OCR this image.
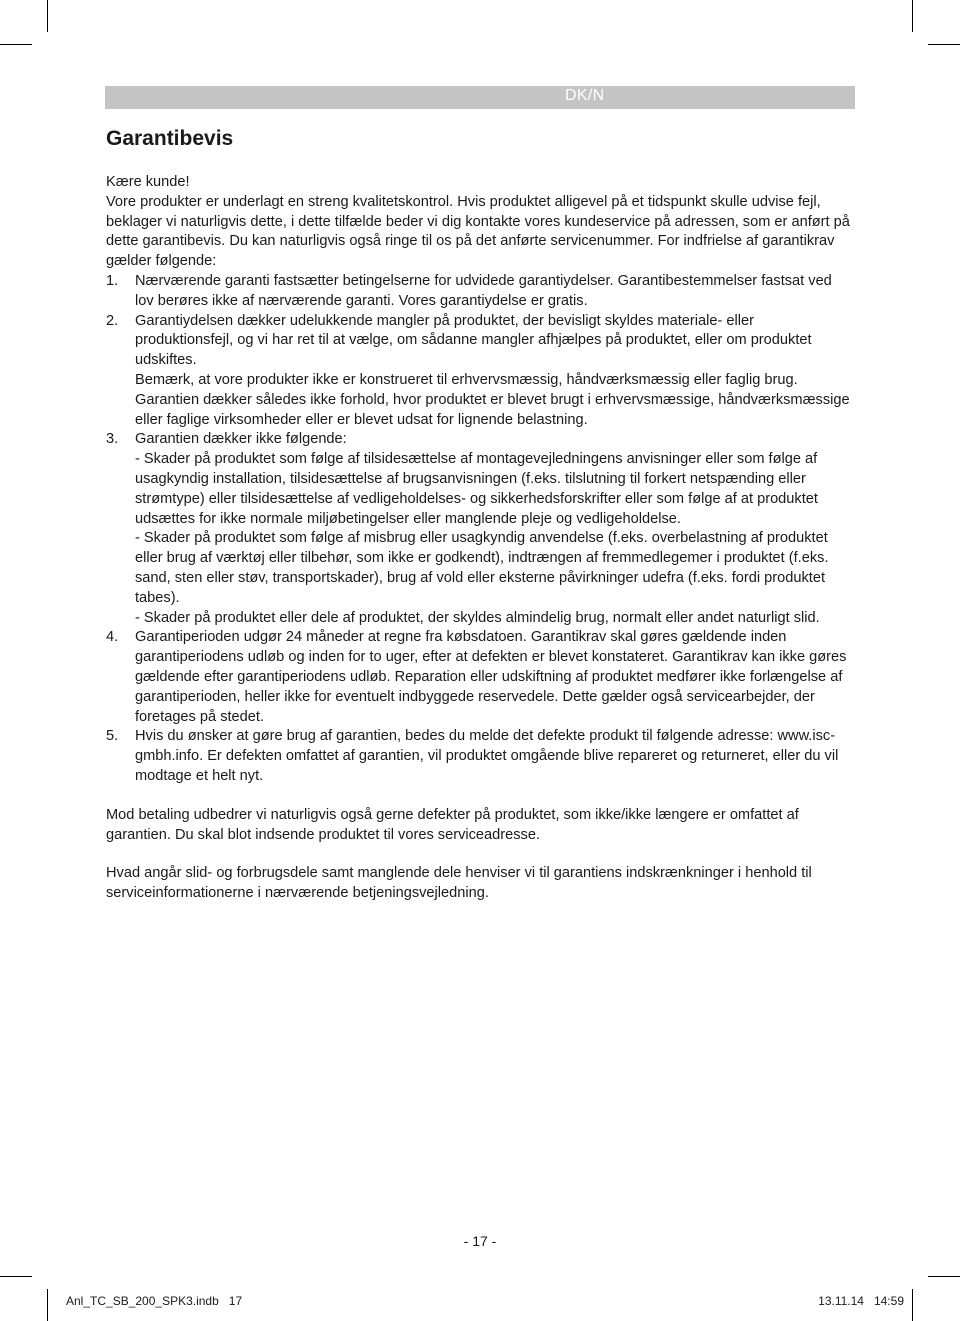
DK/N
Garantibevis

Kære kunde!

Vore produkter er underlagt en streng kvalitetskontrol. Hvis produktet alligevel på et tidspunkt skulle udvise fejl, beklager vi naturligvis dette, i dette tilfælde beder vi dig kontakte vores kundeservice på adressen, som er anført på dette garantibevis. Du kan naturligvis også ringe til os på det anførte servicenummer. For indfrielse af garantikrav gælder følgende:

1. Nærværende garanti fastsætter betingelserne for udvidede garantiydelser. Garantibestemmelser fastsat ved lov berøres ikke af nærværende garanti. Vores garantiydelse er gratis.

2. Garantiydelsen dækker udelukkende mangler på produktet, der bevisligt skyldes materiale- eller produktionsfejl, og vi har ret til at vælge, om sådanne mangler afhjælpes på produktet, eller om produktet udskiftes.

Bemærk, at vore produkter ikke er konstrueret til erhvervsmæssig, håndværksmæssig eller faglig brug. Garantien dækker således ikke forhold, hvor produktet er blevet brugt i erhvervsmæssige, håndværksmæssige eller faglige virksomheder eller er blevet udsat for lignende belastning.

3. Garantien dækker ikke følgende:

- Skader på produktet som følge af tilsidesættelse af montagevejledningens anvisninger eller som følge af usagkyndig installation, tilsidesættelse af brugsanvisningen (f.eks. tilslutning til forkert netspænding eller strømtype) eller tilsidesættelse af vedligeholdelses- og sikkerhedsforskrifter eller som følge af at produktet udsættes for ikke normale miljøbetingelser eller manglende pleje og vedligeholdelse.

- Skader på produktet som følge af misbrug eller usagkyndig anvendelse (f.eks. overbelastning af produktet eller brug af værktøj eller tilbehør, som ikke er godkendt), indtrængen af fremmedlegemer i produktet (f.eks. sand, sten eller støv, transportskader), brug af vold eller eksterne påvirkninger udefra (f.eks. fordi produktet tabes).

- Skader på produktet eller dele af produktet, der skyldes almindelig brug, normalt eller andet naturligt slid.

4. Garantiperioden udgør 24 måneder at regne fra købsdatoen. Garantikrav skal gøres gældende inden garantiperiodens udløb og inden for to uger, efter at defekten er blevet konstateret. Garantikrav kan ikke gøres gældende efter garantiperiodens udløb. Reparation eller udskiftning af produktet medfører ikke forlængelse af garantiperioden, heller ikke for eventuelt indbyggede reservedele. Dette gælder også servicearbejder, der foretages på stedet.

5. Hvis du ønsker at gøre brug af garantien, bedes du melde det defekte produkt til følgende adresse: www.isc-gmbh.info. Er defekten omfattet af garantien, vil produktet omgående blive repareret og returneret, eller du vil modtage et helt nyt.

Mod betaling udbedrer vi naturligvis også gerne defekter på produktet, som ikke/ikke længere er omfattet af garantien. Du skal blot indsende produktet til vores serviceadresse.

Hvad angår slid- og forbrugsdele samt manglende dele henviser vi til garantiens indskrænkninger i henhold til serviceinformationerne i nærværende betjeningsvejledning.

- 17 -
Anl_TC_SB_200_SPK3.indb   17	13.11.14   14:59
